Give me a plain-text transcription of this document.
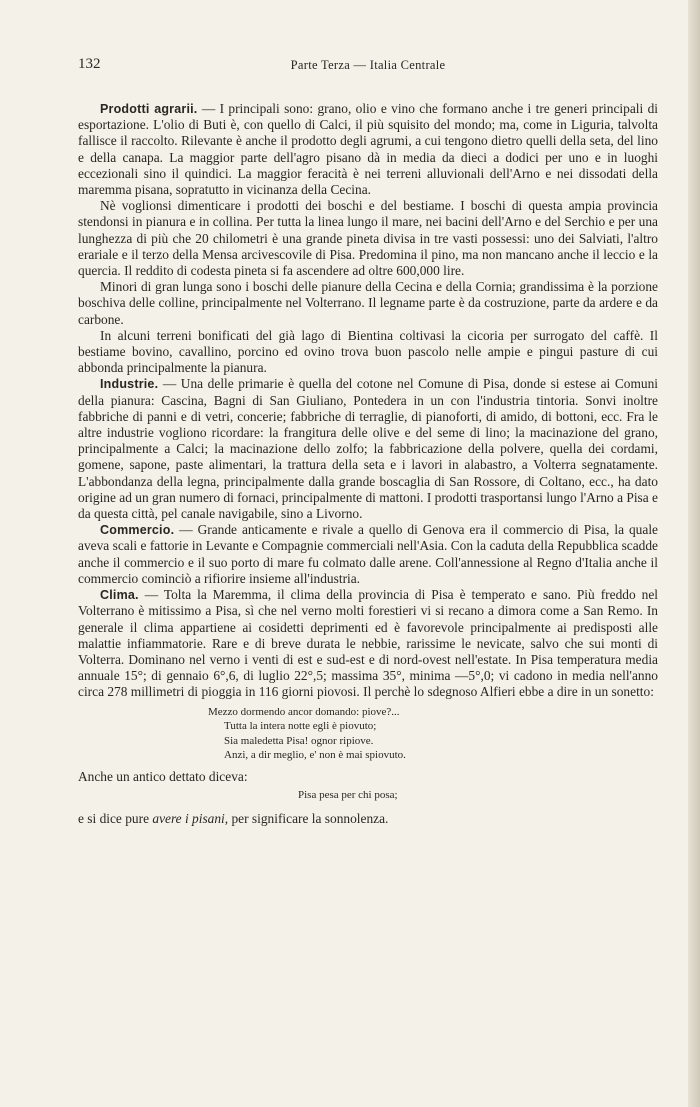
132	Parte Terza — Italia Centrale

Prodotti agrarii. — I principali sono: grano, olio e vino che formano anche i tre generi principali di esportazione. L'olio di Buti è, con quello di Calci, il più squisito del mondo; ma, come in Liguria, talvolta fallisce il raccolto. Rilevante è anche il prodotto degli agrumi, a cui tengono dietro quelli della seta, del lino e della canapa. La maggior parte dell'agro pisano dà in media da dieci a dodici per uno e in luoghi eccezionali sino il quindici. La maggior feracità è nei terreni alluvionali dell'Arno e nei dissodati della maremma pisana, sopratutto in vicinanza della Cecina.

Nè voglionsi dimenticare i prodotti dei boschi e del bestiame. I boschi di questa ampia provincia stendonsi in pianura e in collina. Per tutta la linea lungo il mare, nei bacini dell'Arno e del Serchio e per una lunghezza di più che 20 chilometri è una grande pineta divisa in tre vasti possessi: uno dei Salviati, l'altro erariale e il terzo della Mensa arcivescovile di Pisa. Predomina il pino, ma non mancano anche il leccio e la quercia. Il reddito di codesta pineta si fa ascendere ad oltre 600,000 lire.

Minori di gran lunga sono i boschi delle pianure della Cecina e della Cornia; grandissima è la porzione boschiva delle colline, principalmente nel Volterrano. Il legname parte è da costruzione, parte da ardere e da carbone.

In alcuni terreni bonificati del già lago di Bientina coltivasi la cicoria per surrogato del caffè. Il bestiame bovino, cavallino, porcino ed ovino trova buon pascolo nelle ampie e pingui pasture di cui abbonda principalmente la pianura.

Industrie. — Una delle primarie è quella del cotone nel Comune di Pisa, donde si estese ai Comuni della pianura: Cascina, Bagni di San Giuliano, Pontedera in un con l'industria tintoria. Sonvi inoltre fabbriche di panni e di vetri, concerie; fabbriche di terraglie, di pianoforti, di amido, di bottoni, ecc. Fra le altre industrie vogliono ricordare: la frangitura delle olive e del seme di lino; la macinazione del grano, principalmente a Calci; la macinazione dello zolfo; la fabbricazione della polvere, quella dei cordami, gomene, sapone, paste alimentari, la trattura della seta e i lavori in alabastro, a Volterra segnatamente. L'abbondanza della legna, principalmente dalla grande boscaglia di San Rossore, di Coltano, ecc., ha dato origine ad un gran numero di fornaci, principalmente di mattoni. I prodotti trasportansi lungo l'Arno a Pisa e da questa città, pel canale navigabile, sino a Livorno.

Commercio. — Grande anticamente e rivale a quello di Genova era il commercio di Pisa, la quale aveva scali e fattorie in Levante e Compagnie commerciali nell'Asia. Con la caduta della Repubblica scadde anche il commercio e il suo porto di mare fu colmato dalle arene. Coll'annessione al Regno d'Italia anche il commercio cominciò a rifiorire insieme all'industria.

Clima. — Tolta la Maremma, il clima della provincia di Pisa è temperato e sano. Più freddo nel Volterrano è mitissimo a Pisa, sì che nel verno molti forestieri vi si recano a dimora come a San Remo. In generale il clima appartiene ai cosidetti deprimenti ed è favorevole principalmente ai predisposti alle malattie infiammatorie. Rare e di breve durata le nebbie, rarissime le nevicate, salvo che sui monti di Volterra. Dominano nel verno i venti di est e sud-est e di nord-ovest nell'estate. In Pisa temperatura media annuale 15°; di gennaio 6°,6, di luglio 22°,5; massima 35°, minima —5°,0; vi cadono in media nell'anno circa 278 millimetri di pioggia in 116 giorni piovosi. Il perchè lo sdegnoso Alfieri ebbe a dire in un sonetto:

Mezzo dormendo ancor domando: piove?...
Tutta la intera notte egli è piovuto;
Sia maledetta Pisa! ognor ripiove.
Anzi, a dir meglio, e' non è mai spiovuto.

Anche un antico dettato diceva:

Pisa pesa per chi posa;

e si dice pure avere i pisani, per significare la sonnolenza.
